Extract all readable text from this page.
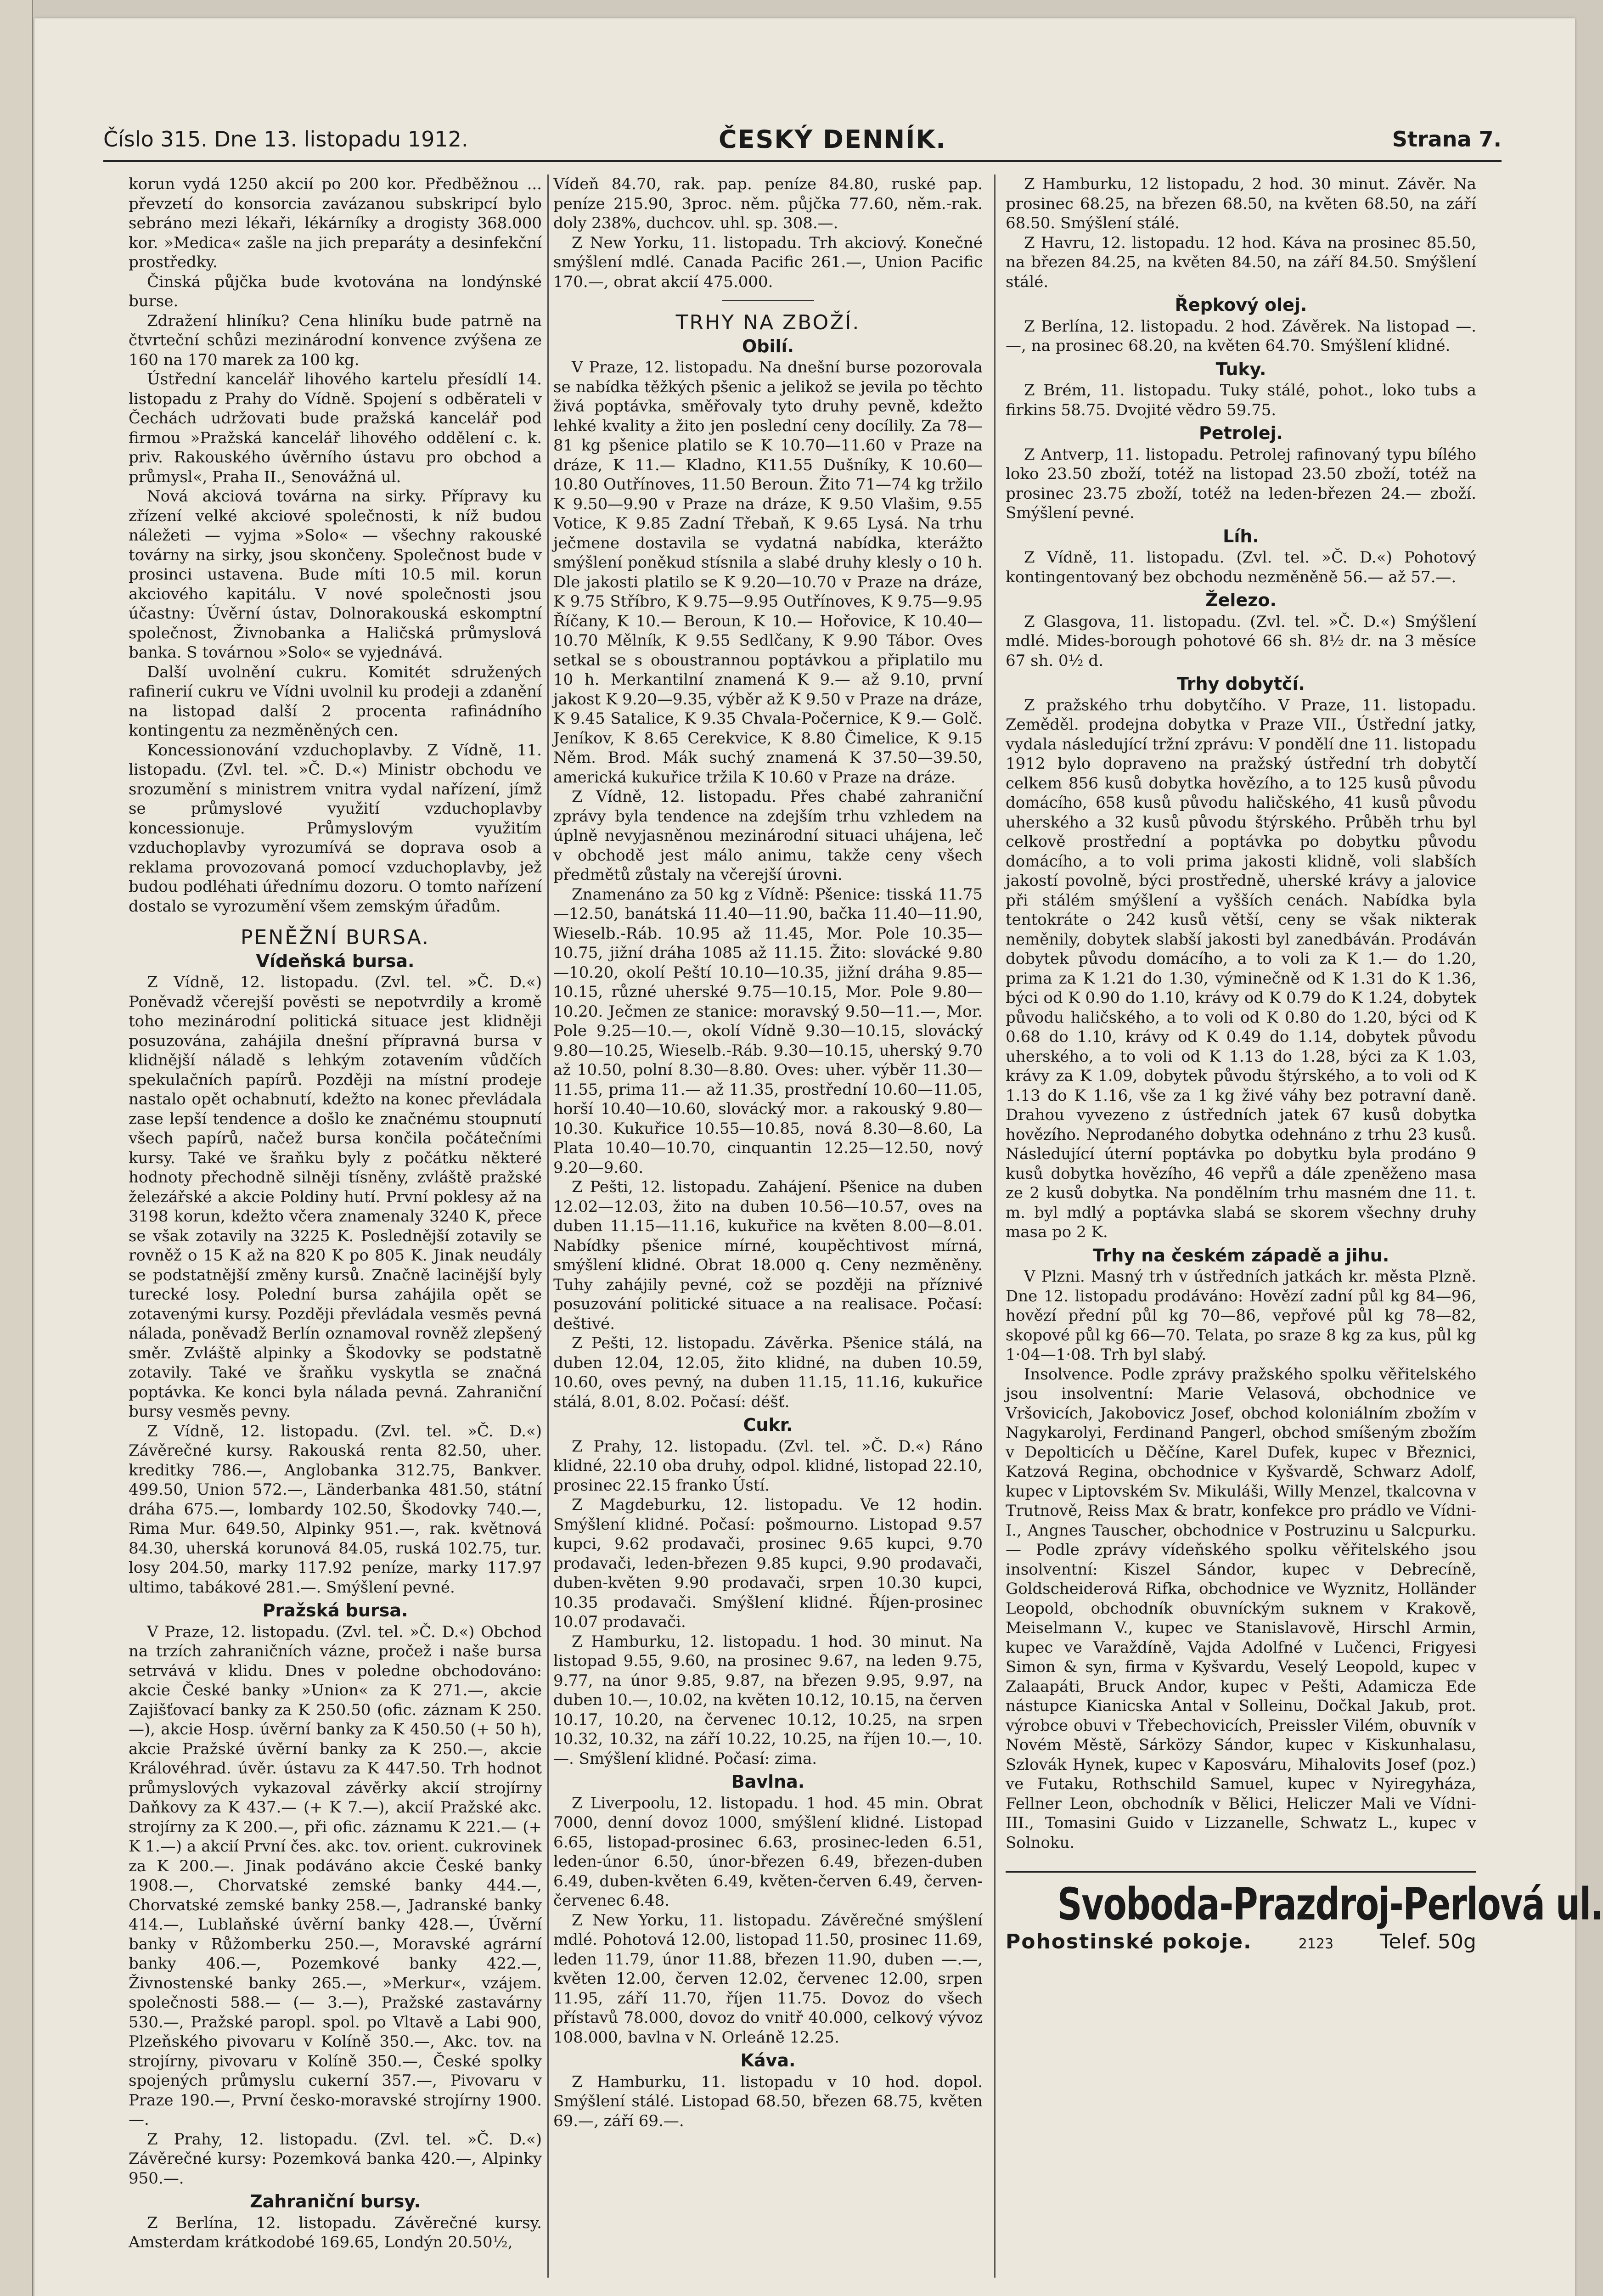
Číslo 315. Dne 13. listopadu 1912.	ČESKÝ DENNÍK.	Strana 7.

korun vydá 1250 akcií po 200 kor. Předběžnou ... převzetí do konsorcia zavázanou subskripcí bylo sebráno mezi lékaři, lékárníky a drogisty 368.000 kor. »Medica« zašle na jich preparáty a desinfekční prostředky.

Činská půjčka bude kvotována na londýnské burse.

Zdražení hliníku? Cena hliníku bude patrně na čtvrteční schůzi mezinárodní konvence zvýšena ze 160 na 170 marek za 100 kg.

Ústřední kancelář lihového kartelu přesídlí 14. listopadu z Prahy do Vídně. Spojení s odběrateli v Čechách udržovati bude pražská kancelář pod firmou »Pražská kancelář lihového oddělení c. k. priv. Rakouského úvěrního ústavu pro obchod a průmysl«, Praha II., Senovážná ul.

Nová akciová továrna na sirky. Přípravy ku zřízení velké akciové společnosti, k níž budou náležeti — vyjma »Solo« — všechny rakouské továrny na sirky, jsou skončeny. Společnost bude v prosinci ustavena. Bude míti 10.5 mil. korun akciového kapitálu. V nové společnosti jsou účastny: Úvěrní ústav, Dolnorakouská eskomptní společnost, Živnobanka a Haličská průmyslová banka. S továrnou »Solo« se vyjednává.

Další uvolnění cukru. Komitét sdružených rafinerií cukru ve Vídni uvolnil ku prodeji a zdanění na listopad další 2 procenta rafinádního kontingentu za nezměněných cen.

Koncessionování vzduchoplavby. Z Vídně, 11. listopadu. (Zvl. tel. »Č. D.«) Ministr obchodu ve srozumění s ministrem vnitra vydal nařízení, jímž se průmyslové využití vzduchoplavby koncessionuje. Průmyslovým využitím vzduchoplavby vyrozumívá se doprava osob a reklama provozovaná pomocí vzduchoplavby, jež budou podléhati úřednímu dozoru. O tomto nařízení dostalo se vyrozumění všem zemským úřadům.

PENĚŽNÍ BURSA.
Vídeňská bursa.

Z Vídně, 12. listopadu. (Zvl. tel. »Č. D.«) Poněvadž včerejší pověsti se nepotvrdily a kromě toho mezinárodní politická situace jest klidněji posuzována, zahájila dnešní přípravná bursa v klidnější náladě s lehkým zotavením vůdčích spekulačních papírů. Později na místní prodeje nastalo opět ochabnutí, kdežto na konec převládala zase lepší tendence a došlo ke značnému stoupnutí všech papírů, načež bursa končila počátečními kursy. Také ve šraňku byly z počátku některé hodnoty přechodně silněji tísněny, zvláště pražské železářské a akcie Poldiny hutí. První poklesy až na 3198 korun, kdežto včera znamenaly 3240 K, přece se však zotavily na 3225 K. Poslednější zotavily se rovněž o 15 K až na 820 K po 805 K. Jinak neudály se podstatnější změny kursů. Značně lacinější byly turecké losy. Polední bursa zahájila opět se zotavenými kursy. Později převládala vesměs pevná nálada, poněvadž Berlín oznamoval rovněž zlepšený směr. Zvláště alpinky a Škodovky se podstatně zotavily. Také ve šraňku vyskytla se značná poptávka. Ke konci byla nálada pevná. Zahraniční bursy vesměs pevny.

Z Vídně, 12. listopadu. (Zvl. tel. »Č. D.«) Závěrečné kursy. Rakouská renta 82.50, uher. kreditky 786.—, Anglobanka 312.75, Bankver. 499.50, Union 572.—, Länderbanka 481.50, státní dráha 675.—, lombardy 102.50, Škodovky 740.—, Rima Mur. 649.50, Alpinky 951.—, rak. květnová 84.30, uherská korunová 84.05, ruská 102.75, tur. losy 204.50, marky 117.92 peníze, marky 117.97 ultimo, tabákové 281.—. Smýšlení pevné.

Pražská bursa.

V Praze, 12. listopadu. (Zvl. tel. »Č. D.«) Obchod na trzích zahraničních vázne, pročež i naše bursa setrvává v klidu. Dnes v poledne obchodováno: akcie České banky »Union« za K 271.—, akcie Zajišťovací banky za K 250.50 (ofic. záznam K 250.—), akcie Hosp. úvěrní banky za K 450.50 (+ 50 h), akcie Pražské úvěrní banky za K 250.—, akcie Královéhrad. úvěr. ústavu za K 447.50. Trh hodnot průmyslových vykazoval závěrky akcií strojírny Daňkovy za K 437.— (+ K 7.—), akcií Pražské akc. strojírny za K 200.—, při ofic. záznamu K 221.— (+ K 1.—) a akcií První čes. akc. tov. orient. cukrovinek za K 200.—. Jinak podáváno akcie České banky 1908.—, Chorvatské zemské banky 444.—, Chorvatské zemské banky 258.—, Jadranské banky 414.—, Lublaňské úvěrní banky 428.—, Úvěrní banky v Růžomberku 250.—, Moravské agrární banky 406.—, Pozemkové banky 422.—, Živnostenské banky 265.—, »Merkur«, vzájem. společnosti 588.— (— 3.—), Pražské zastavárny 530.—, Pražské paropl. spol. po Vltavě a Labi 900, Plzeňského pivovaru v Kolíně 350.—, Akc. tov. na strojírny, pivovaru v Kolíně 350.—, České spolky spojených průmyslu cukerní 357.—, Pivovaru v Praze 190.—, První česko-moravské strojírny 1900.—.

Z Prahy, 12. listopadu. (Zvl. tel. »Č. D.«) Závěrečné kursy: Pozemková banka 420.—, Alpinky 950.—.

Zahraniční bursy.

Z Berlína, 12. listopadu. Závěrečné kursy. Amsterdam krátkodobé 169.65, Londýn 20.50½,

Vídeň 84.70, rak. pap. peníze 84.80, ruské pap. peníze 215.90, 3proc. něm. půjčka 77.60, něm.-rak. doly 238%, duchcov. uhl. sp. 308.—.

Z New Yorku, 11. listopadu. Trh akciový. Konečné smýšlení mdlé. Canada Pacific 261.—, Union Pacific 170.—, obrat akcií 475.000.

TRHY NA ZBOŽÍ.
Obilí.

V Praze, 12. listopadu. Na dnešní burse pozorovala se nabídka těžkých pšenic a jelikož se jevila po těchto živá poptávka, směřovaly tyto druhy pevně, kdežto lehké kvality a žito jen poslední ceny docílily. Za 78—81 kg pšenice platilo se K 10.70—11.60 v Praze na dráze, K 11.— Kladno, K11.55 Dušníky, K 10.60—10.80 Outřínoves, 11.50 Beroun. Žito 71—74 kg tržilo K 9.50—9.90 v Praze na dráze, K 9.50 Vlašim, 9.55 Votice, K 9.85 Zadní Třebaň, K 9.65 Lysá. Na trhu ječmene dostavila se vydatná nabídka, kterážto smýšlení poněkud stísnila a slabé druhy klesly o 10 h. Dle jakosti platilo se K 9.20—10.70 v Praze na dráze, K 9.75 Stříbro, K 9.75—9.95 Outřínoves, K 9.75—9.95 Říčany, K 10.— Beroun, K 10.— Hořovice, K 10.40—10.70 Mělník, K 9.55 Sedlčany, K 9.90 Tábor. Oves setkal se s oboustrannou poptávkou a připlatilo mu 10 h. Merkantilní znamená K 9.— až 9.10, první jakost K 9.20—9.35, výběr až K 9.50 v Praze na dráze, K 9.45 Satalice, K 9.35 Chvala-Počernice, K 9.— Golč. Jeníkov, K 8.65 Cerekvice, K 8.80 Čimelice, K 9.15 Něm. Brod. Mák suchý znamená K 37.50—39.50, americká kukuřice tržila K 10.60 v Praze na dráze.

Z Vídně, 12. listopadu. Přes chabé zahraniční zprávy byla tendence na zdejším trhu vzhledem na úplně nevyjasněnou mezinárodní situaci uhájena, leč v obchodě jest málo animu, takže ceny všech předmětů zůstaly na včerejší úrovni.

Znamenáno za 50 kg z Vídně: Pšenice: tisská 11.75—12.50, banátská 11.40—11.90, bačka 11.40—11.90, Wieselb.-Ráb. 10.95 až 11.45, Mor. Pole 10.35—10.75, jižní dráha 1085 až 11.15. Žito: slovácké 9.80—10.20, okolí Peští 10.10—10.35, jižní dráha 9.85—10.15, různé uherské 9.75—10.15, Mor. Pole 9.80—10.20. Ječmen ze stanice: moravský 9.50—11.—, Mor. Pole 9.25—10.—, okolí Vídně 9.30—10.15, slovácký 9.80—10.25, Wieselb.-Ráb. 9.30—10.15, uherský 9.70 až 10.50, polní 8.30—8.80. Oves: uher. výběr 11.30—11.55, prima 11.— až 11.35, prostřední 10.60—11.05, horší 10.40—10.60, slovácký mor. a rakouský 9.80—10.30. Kukuřice 10.55—10.85, nová 8.30—8.60, La Plata 10.40—10.70, cinquantin 12.25—12.50, nový 9.20—9.60.

Z Pešti, 12. listopadu. Zahájení. Pšenice na duben 12.02—12.03, žito na duben 10.56—10.57, oves na duben 11.15—11.16, kukuřice na květen 8.00—8.01. Nabídky pšenice mírné, koupěchtivost mírná, smýšlení klidné. Obrat 18.000 q. Ceny nezměněny. Tuhy zahájily pevné, což se později na příznivé posuzování politické situace a na realisace. Počasí: deštivé.

Z Pešti, 12. listopadu. Závěrka. Pšenice stálá, na duben 12.04, 12.05, žito klidné, na duben 10.59, 10.60, oves pevný, na duben 11.15, 11.16, kukuřice stálá, 8.01, 8.02. Počasí: déšť.

Cukr.

Z Prahy, 12. listopadu. (Zvl. tel. »Č. D.«) Ráno klidné, 22.10 oba druhy, odpol. klidné, listopad 22.10, prosinec 22.15 franko Ústí.

Z Magdeburku, 12. listopadu. Ve 12 hodin. Smýšlení klidné. Počasí: pošmourno. Listopad 9.57 kupci, 9.62 prodavači, prosinec 9.65 kupci, 9.70 prodavači, leden-březen 9.85 kupci, 9.90 prodavači, duben-květen 9.90 prodavači, srpen 10.30 kupci, 10.35 prodavači. Smýšlení klidné. Říjen-prosinec 10.07 prodavači.

Z Hamburku, 12. listopadu. 1 hod. 30 minut. Na listopad 9.55, 9.60, na prosinec 9.67, na leden 9.75, 9.77, na únor 9.85, 9.87, na březen 9.95, 9.97, na duben 10.—, 10.02, na květen 10.12, 10.15, na červen 10.17, 10.20, na červenec 10.12, 10.25, na srpen 10.32, 10.32, na září 10.22, 10.25, na říjen 10.—, 10.—. Smýšlení klidné. Počasí: zima.

Bavlna.

Z Liverpoolu, 12. listopadu. 1 hod. 45 min. Obrat 7000, denní dovoz 1000, smýšlení klidné. Listopad 6.65, listopad-prosinec 6.63, prosinec-leden 6.51, leden-únor 6.50, únor-březen 6.49, březen-duben 6.49, duben-květen 6.49, květen-červen 6.49, červen-červenec 6.48.

Z New Yorku, 11. listopadu. Závěrečné smýšlení mdlé. Pohotová 12.00, listopad 11.50, prosinec 11.69, leden 11.79, únor 11.88, březen 11.90, duben —.—, květen 12.00, červen 12.02, červenec 12.00, srpen 11.95, září 11.70, říjen 11.75. Dovoz do všech přístavů 78.000, dovoz do vnitř 40.000, celkový vývoz 108.000, bavlna v N. Orleáně 12.25.

Káva.

Z Hamburku, 11. listopadu v 10 hod. dopol. Smýšlení stálé. Listopad 68.50, březen 68.75, květen 69.—, září 69.—.

Z Hamburku, 12 listopadu, 2 hod. 30 minut. Závěr. Na prosinec 68.25, na březen 68.50, na květen 68.50, na září 68.50. Smýšlení stálé.

Z Havru, 12. listopadu. 12 hod. Káva na prosinec 85.50, na březen 84.25, na květen 84.50, na září 84.50. Smýšlení stálé.

Řepkový olej.

Z Berlína, 12. listopadu. 2 hod. Závěrek. Na listopad —.—, na prosinec 68.20, na květen 64.70. Smýšlení klidné.

Tuky.

Z Brém, 11. listopadu. Tuky stálé, pohot., loko tubs a firkins 58.75. Dvojité vědro 59.75.

Petrolej.

Z Antverp, 11. listopadu. Petrolej rafinovaný typu bílého loko 23.50 zboží, totéž na listopad 23.50 zboží, totéž na prosinec 23.75 zboží, totéž na leden-březen 24.— zboží. Smýšlení pevné.

Líh.

Z Vídně, 11. listopadu. (Zvl. tel. »Č. D.«) Pohotový kontingentovaný bez obchodu nezměněně 56.— až 57.—.

Železo.

Z Glasgova, 11. listopadu. (Zvl. tel. »Č. D.«) Smýšlení mdlé. Mides-borough pohotové 66 sh. 8½ dr. na 3 měsíce 67 sh. 0½ d.

Trhy dobytčí.

Z pražského trhu dobytčího. V Praze, 11. listopadu. Zeměděl. prodejna dobytka v Praze VII., Ústřední jatky, vydala následující tržní zprávu: V pondělí dne 11. listopadu 1912 bylo dopraveno na pražský ústřední trh dobytčí celkem 856 kusů dobytka hovězího, a to 125 kusů původu domácího, 658 kusů původu haličského, 41 kusů původu uherského a 32 kusů původu štýrského. Průběh trhu byl celkově prostřední a poptávka po dobytku původu domácího, a to voli prima jakosti klidně, voli slabších jakostí povolně, býci prostředně, uherské krávy a jalovice při stálém smýšlení a vyšších cenách. Nabídka byla tentokráte o 242 kusů větší, ceny se však nikterak neměnily, dobytek slabší jakosti byl zanedbáván. Prodáván dobytek původu domácího, a to voli za K 1.— do 1.20, prima za K 1.21 do 1.30, výminečně od K 1.31 do K 1.36, býci od K 0.90 do 1.10, krávy od K 0.79 do K 1.24, dobytek původu haličského, a to voli od K 0.80 do 1.20, býci od K 0.68 do 1.10, krávy od K 0.49 do 1.14, dobytek původu uherského, a to voli od K 1.13 do 1.28, býci za K 1.03, krávy za K 1.09, dobytek původu štýrského, a to voli od K 1.13 do K 1.16, vše za 1 kg živé váhy bez potravní daně. Drahou vyvezeno z ústředních jatek 67 kusů dobytka hovězího. Neprodaného dobytka odehnáno z trhu 23 kusů. Následující úterní poptávka po dobytku byla prodáno 9 kusů dobytka hovězího, 46 vepřů a dále zpeněženo masa ze 2 kusů dobytka. Na pondělním trhu masném dne 11. t. m. byl mdlý a poptávka slabá se skorem všechny druhy masa po 2 K.

Trhy na českém západě a jihu.

V Plzni. Masný trh v ústředních jatkách kr. města Plzně. Dne 12. listopadu prodáváno: Hovězí zadní půl kg 84—96, hovězí přední půl kg 70—86, vepřové půl kg 78—82, skopové půl kg 66—70. Telata, po sraze 8 kg za kus, půl kg 1·04—1·08. Trh byl slabý.

Insolvence. Podle zprávy pražského spolku věřitelského jsou insolventní: Marie Velasová, obchodnice ve Vršovicích, Jakobovicz Josef, obchod koloniálním zbožím v Nagykarolyi, Ferdinand Pangerl, obchod smíšeným zbožím v Depolticích u Děčíne, Karel Dufek, kupec v Březnici, Katzová Regina, obchodnice v Kyšvardě, Schwarz Adolf, kupec v Liptovském Sv. Mikuláši, Willy Menzel, tkalcovna v Trutnově, Reiss Max & bratr, konfekce pro prádlo ve Vídni-I., Angnes Tauscher, obchodnice v Postruzinu u Salcpurku. — Podle zprávy vídeňského spolku věřitelského jsou insolventní: Kiszel Sándor, kupec v Debrecíně, Goldscheiderová Rifka, obchodnice ve Wyznitz, Holländer Leopold, obchodník obuvníckým suknem v Krakově, Meiselmann V., kupec ve Stanislavově, Hirschl Armin, kupec ve Varaždíně, Vajda Adolfné v Lučenci, Frigyesi Simon & syn, firma v Kyšvardu, Veselý Leopold, kupec v Zalaapáti, Bruck Andor, kupec v Pešti, Adamicza Ede nástupce Kianicska Antal v Solleinu, Dočkal Jakub, prot. výrobce obuvi v Třebechovicích, Preissler Vilém, obuvník v Novém Městě, Sárközy Sándor, kupec v Kiskunhalasu, Szlovák Hynek, kupec v Kaposváru, Mihalovits Josef (poz.) ve Futaku, Rothschild Samuel, kupec v Nyiregyháza, Fellner Leon, obchodník v Bělici, Heliczer Mali ve Vídni-III., Tomasini Guido v Lizzanelle, Schwatz L., kupec v Solnoku.

Svoboda-Prazdroj-Perlová ul.
Pohostinské pokoje.	2123 Telef. 50g
